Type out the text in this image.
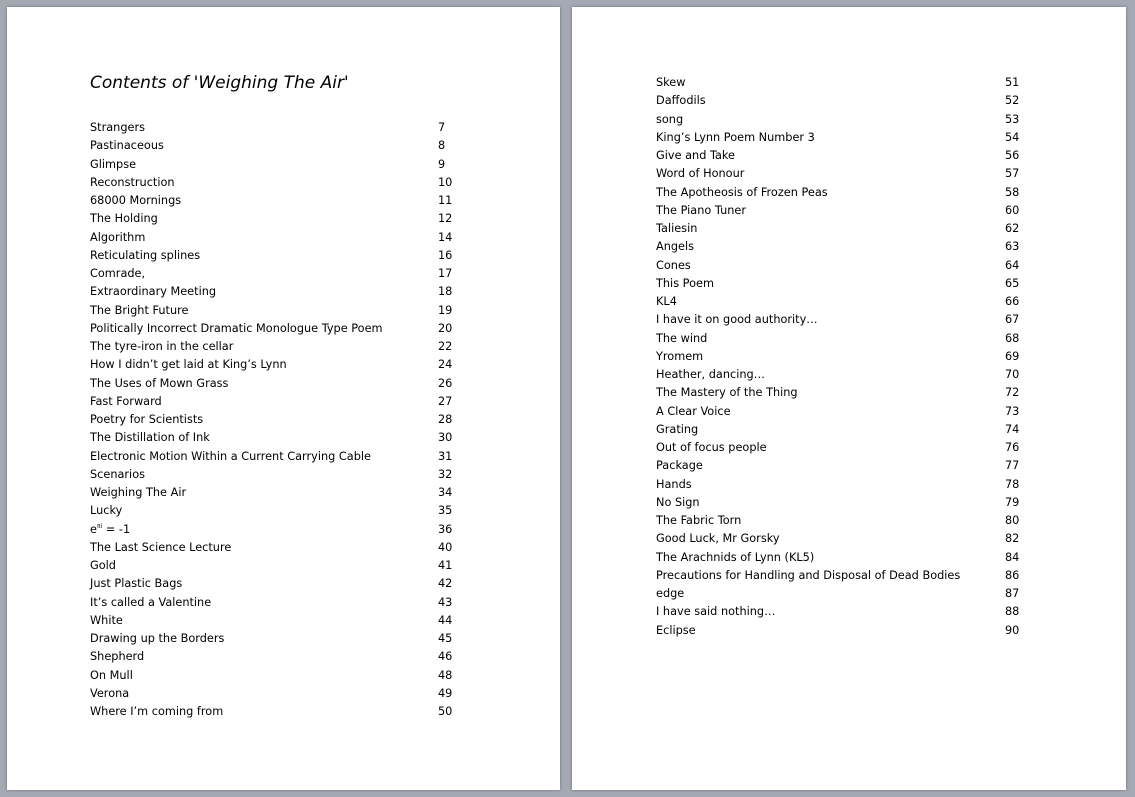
Contents of 'Weighing The Air'
Strangers	7
Pastinaceous	8
Glimpse	9
Reconstruction	10
68000 Mornings	11
The Holding	12
Algorithm	14
Reticulating splines	16
Comrade,	17
Extraordinary Meeting	18
The Bright Future	19
Politically Incorrect Dramatic Monologue Type Poem	20
The tyre-iron in the cellar	22
How I didn’t get laid at King’s Lynn	24
The Uses of Mown Grass	26
Fast Forward	27
Poetry for Scientists	28
The Distillation of Ink	30
Electronic Motion Within a Current Carrying Cable	31
Scenarios	32
Weighing The Air	34
Lucky	35
$e^{\pi i} = -1$	36
The Last Science Lecture	40
Gold	41
Just Plastic Bags	42
It’s called a Valentine	43
White	44
Drawing up the Borders	45
Shepherd	46
On Mull	48
Verona	49
Where I’m coming from	50
Skew	51
Daffodils	52
song	53
King’s Lynn Poem Number 3	54
Give and Take	56
Word of Honour	57
The Apotheosis of Frozen Peas	58
The Piano Tuner	60
Taliesin	62
Angels	63
Cones	64
This Poem	65
KL4	66
I have it on good authority…	67
The wind	68
Yromem	69
Heather, dancing…	70
The Mastery of the Thing	72
A Clear Voice	73
Grating	74
Out of focus people	76
Package	77
Hands	78
No Sign	79
The Fabric Torn	80
Good Luck, Mr Gorsky	82
The Arachnids of Lynn (KL5)	84
Precautions for Handling and Disposal of Dead Bodies	86
edge	87
I have said nothing…	88
Eclipse	90
